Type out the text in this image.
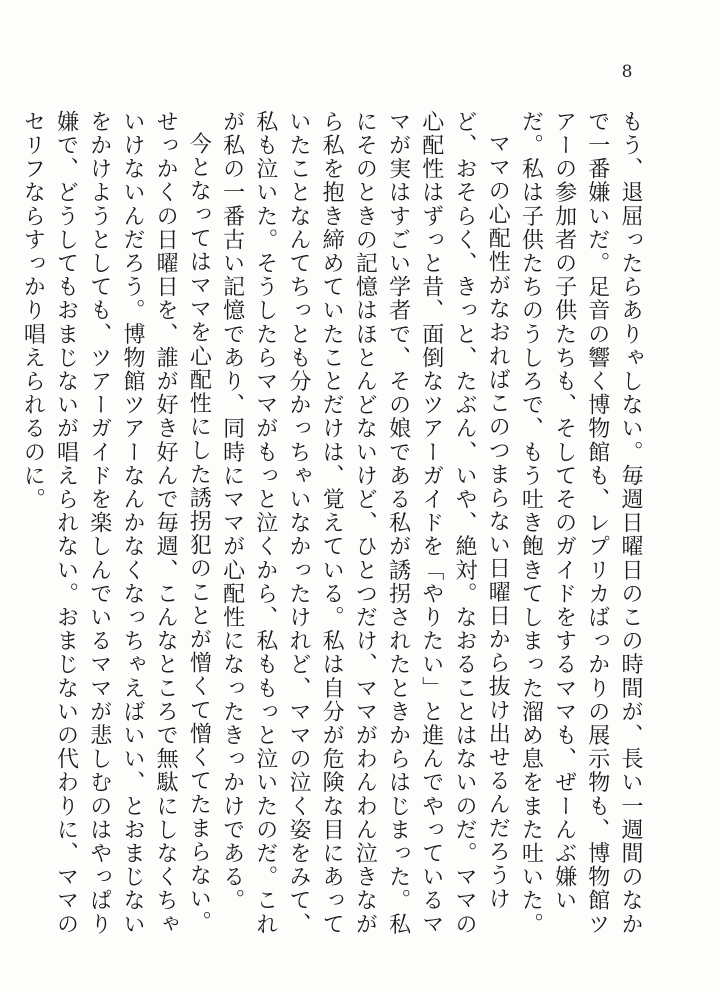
8

もう、退屈ったらありゃしない。毎週日曜日のこの時間が、長い一週間のなかで一番嫌いだ。足音の響く博物館も、レプリカばっかりの展示物も、博物館ツアーの参加者の子供たちも、そしてそのガイドをするママも、ぜーんぶ嫌いだ。私は子供たちのうしろで、もう吐き飽きてしまった溜め息をまた吐いた。

ママの心配性がなおればこのつまらない日曜日から抜け出せるんだろうけど、おそらく、きっと、たぶん、いや、絶対。なおることはないのだ。ママの心配性はずっと昔、面倒なツアーガイドを「やりたい」と進んでやっているママが実はすごい学者で、その娘である私が誘拐されたときからはじまった。私にそのときの記憶はほとんどないけど、ひとつだけ、ママがわんわん泣きながら私を抱き締めていたことだけは、覚えている。私は自分が危険な目にあっていたことなんてちっとも分かっちゃいなかったけれど、ママの泣く姿をみて、私も泣いた。そうしたらママがもっと泣くから、私ももっと泣いたのだ。これが私の一番古い記憶であり、同時にママが心配性になったきっかけである。

今となってはママを心配性にした誘拐犯のことが憎くて憎くてたまらない。せっかくの日曜日を、誰が好き好んで毎週、こんなところで無駄にしなくちゃいけないんだろう。博物館ツアーなんかなくなっちゃえばいい、とおまじないをかけようとしても、ツアーガイドを楽しんでいるママが悲しむのはやっぱり嫌で、どうしてもおまじないが唱えられない。おまじないの代わりに、ママのセリフならすっかり唱えられるのに。
